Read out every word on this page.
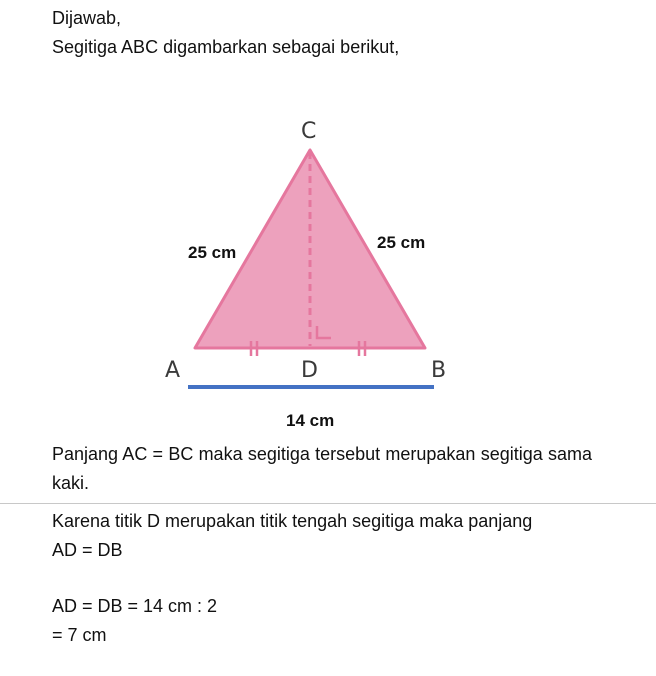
Dijawab,
Segitiga ABC digambarkan sebagai berikut,
C
A	D	B
25 cm
25 cm
14 cm
Panjang AC = BC maka segitiga tersebut merupakan segitiga sama kaki.
Karena titik D merupakan titik tengah segitiga maka panjang
AD = DB
AD = DB = 14 cm : 2
= 7 cm
